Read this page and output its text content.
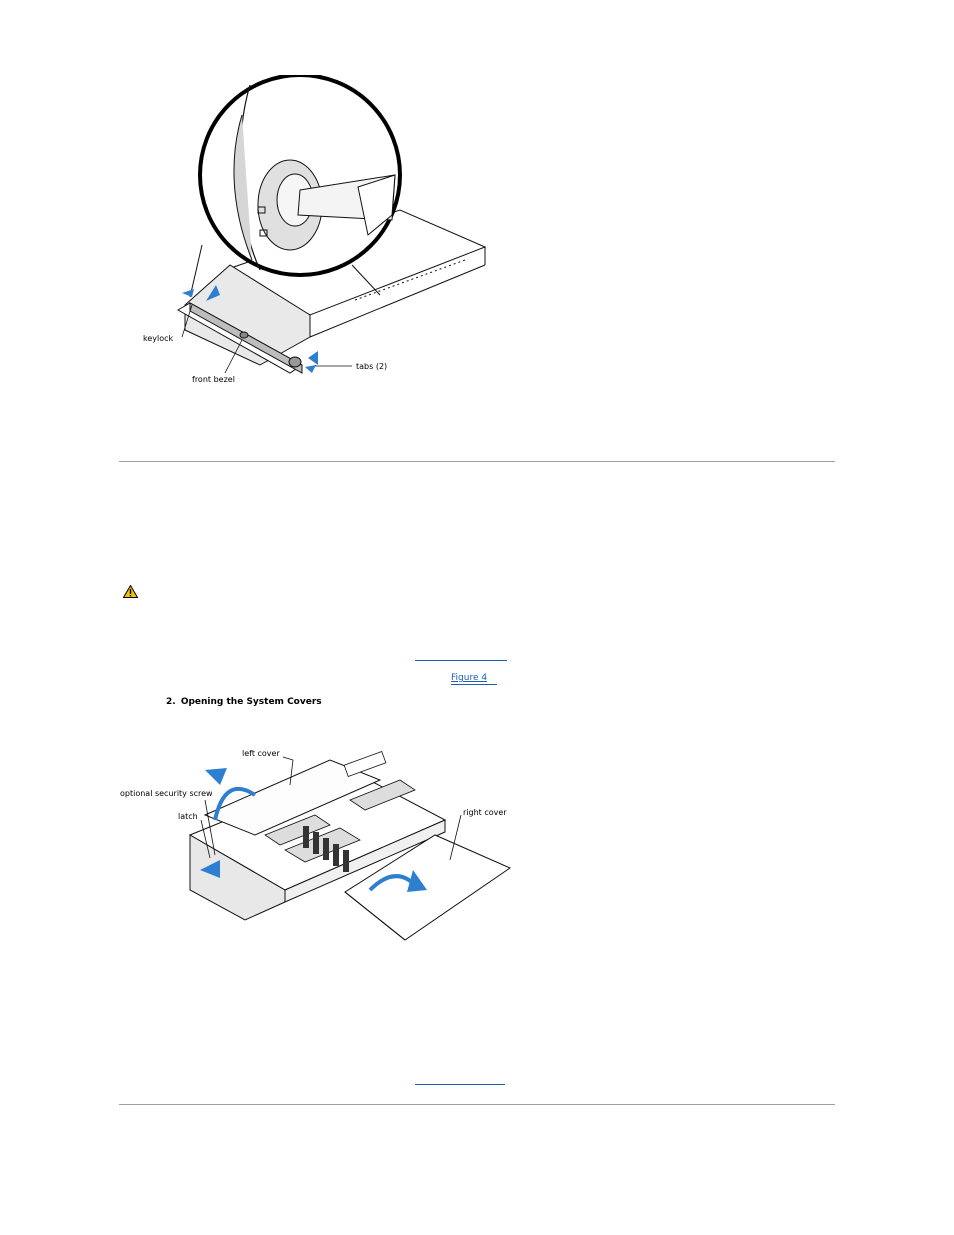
keylock
front bezel
tabs (2)
Figure 4
2. Opening the System Covers
left cover
optional security screw
latch	right cover
